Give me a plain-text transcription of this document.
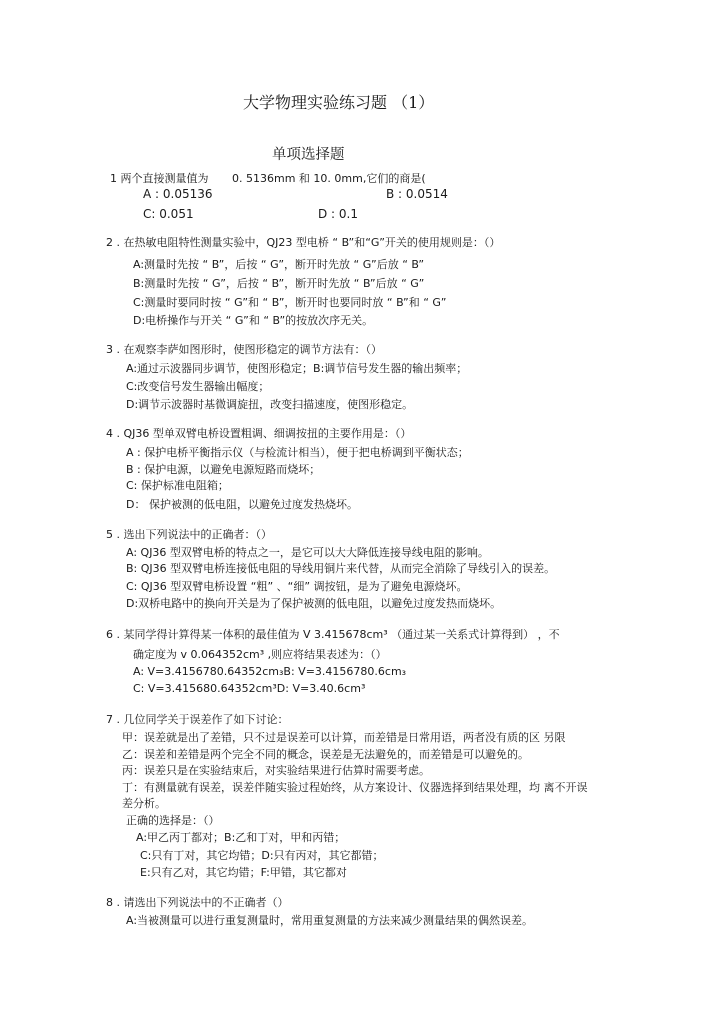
大学物理实验练习题 （1）
单项选择题
1 两个直接测量值为 0. 5136mm 和 10. 0mm,它们的商是(
A : 0.05136	B : 0.0514
C: 0.051	D : 0.1
2 . 在热敏电阻特性测量实验中，QJ23 型电桥 “ B”和“G”开关的使用规则是：（）
A:测量时先按 “ B”，后按 “ G”，断开时先放 “ G”后放 “ B”
B:测量时先按 “ G”，后按 “ B”，断开时先放 “ B”后放 “ G”
C:测量时要同时按 “ G”和 “ B”，断开时也要同时放 “ B”和 “ G”
D:电桥操作与开关 “ G”和 “ B”的按放次序无关。
3 . 在观察李萨如图形时，使图形稳定的调节方法有：（）
A:通过示波器同步调节，使图形稳定；B:调节信号发生器的输出频率；
C:改变信号发生器输出幅度；
D:调节示波器时基微调旋扭，改变扫描速度，使图形稳定。
4 . QJ36 型单双臂电桥设置粗调、细调按扭的主要作用是：（）
A : 保护电桥平衡指示仪（与检流计相当），便于把电桥调到平衡状态；
B : 保护电源，以避免电源短路而烧坏；
C: 保护标准电阻箱；
D： 保护被测的低电阻，以避免过度发热烧坏。
5 . 选出下列说法中的正确者：（）
A: QJ36 型双臂电桥的特点之一，是它可以大大降低连接导线电阻的影响。
B: QJ36 型双臂电桥连接低电阻的导线用铜片来代替，从而完全消除了导线引入的误差。
C: QJ36 型双臂电桥设置 “粗” 、“细” 调按钮，是为了避免电源烧坏。
D:双桥电路中的换向开关是为了保护被测的低电阻，以避免过度发热而烧坏。
6 . 某同学得计算得某一体积的最佳值为 V 3.415678cm³ （通过某一关系式计算得到） ，不
确定度为 v 0.064352cm³ ,则应将结果表述为：（）
A: V=3.4156780.64352cm₃B: V=3.4156780.6cm₃
C: V=3.415680.64352cm³D: V=3.40.6cm³
7 . 几位同学关于误差作了如下讨论：
甲：误差就是出了差错，只不过是误差可以计算，而差错是日常用语，两者没有质的区 另限
乙：误差和差错是两个完全不同的概念，误差是无法避免的，而差错是可以避免的。
丙：误差只是在实验结束后，对实验结果进行估算时需要考虑。
丁：有测量就有误差，误差伴随实验过程始终，从方案设计、仪器选择到结果处理，均 离不开误
差分析。
正确的选择是：（）
A:甲乙丙丁都对；B:乙和丁对，甲和丙错；
C:只有丁对，其它均错；D:只有丙对，其它都错；
E:只有乙对，其它均错；F:甲错，其它都对
8 . 请选出下列说法中的不正确者（）
A:当被测量可以进行重复测量时，常用重复测量的方法来减少测量结果的偶然误差。
